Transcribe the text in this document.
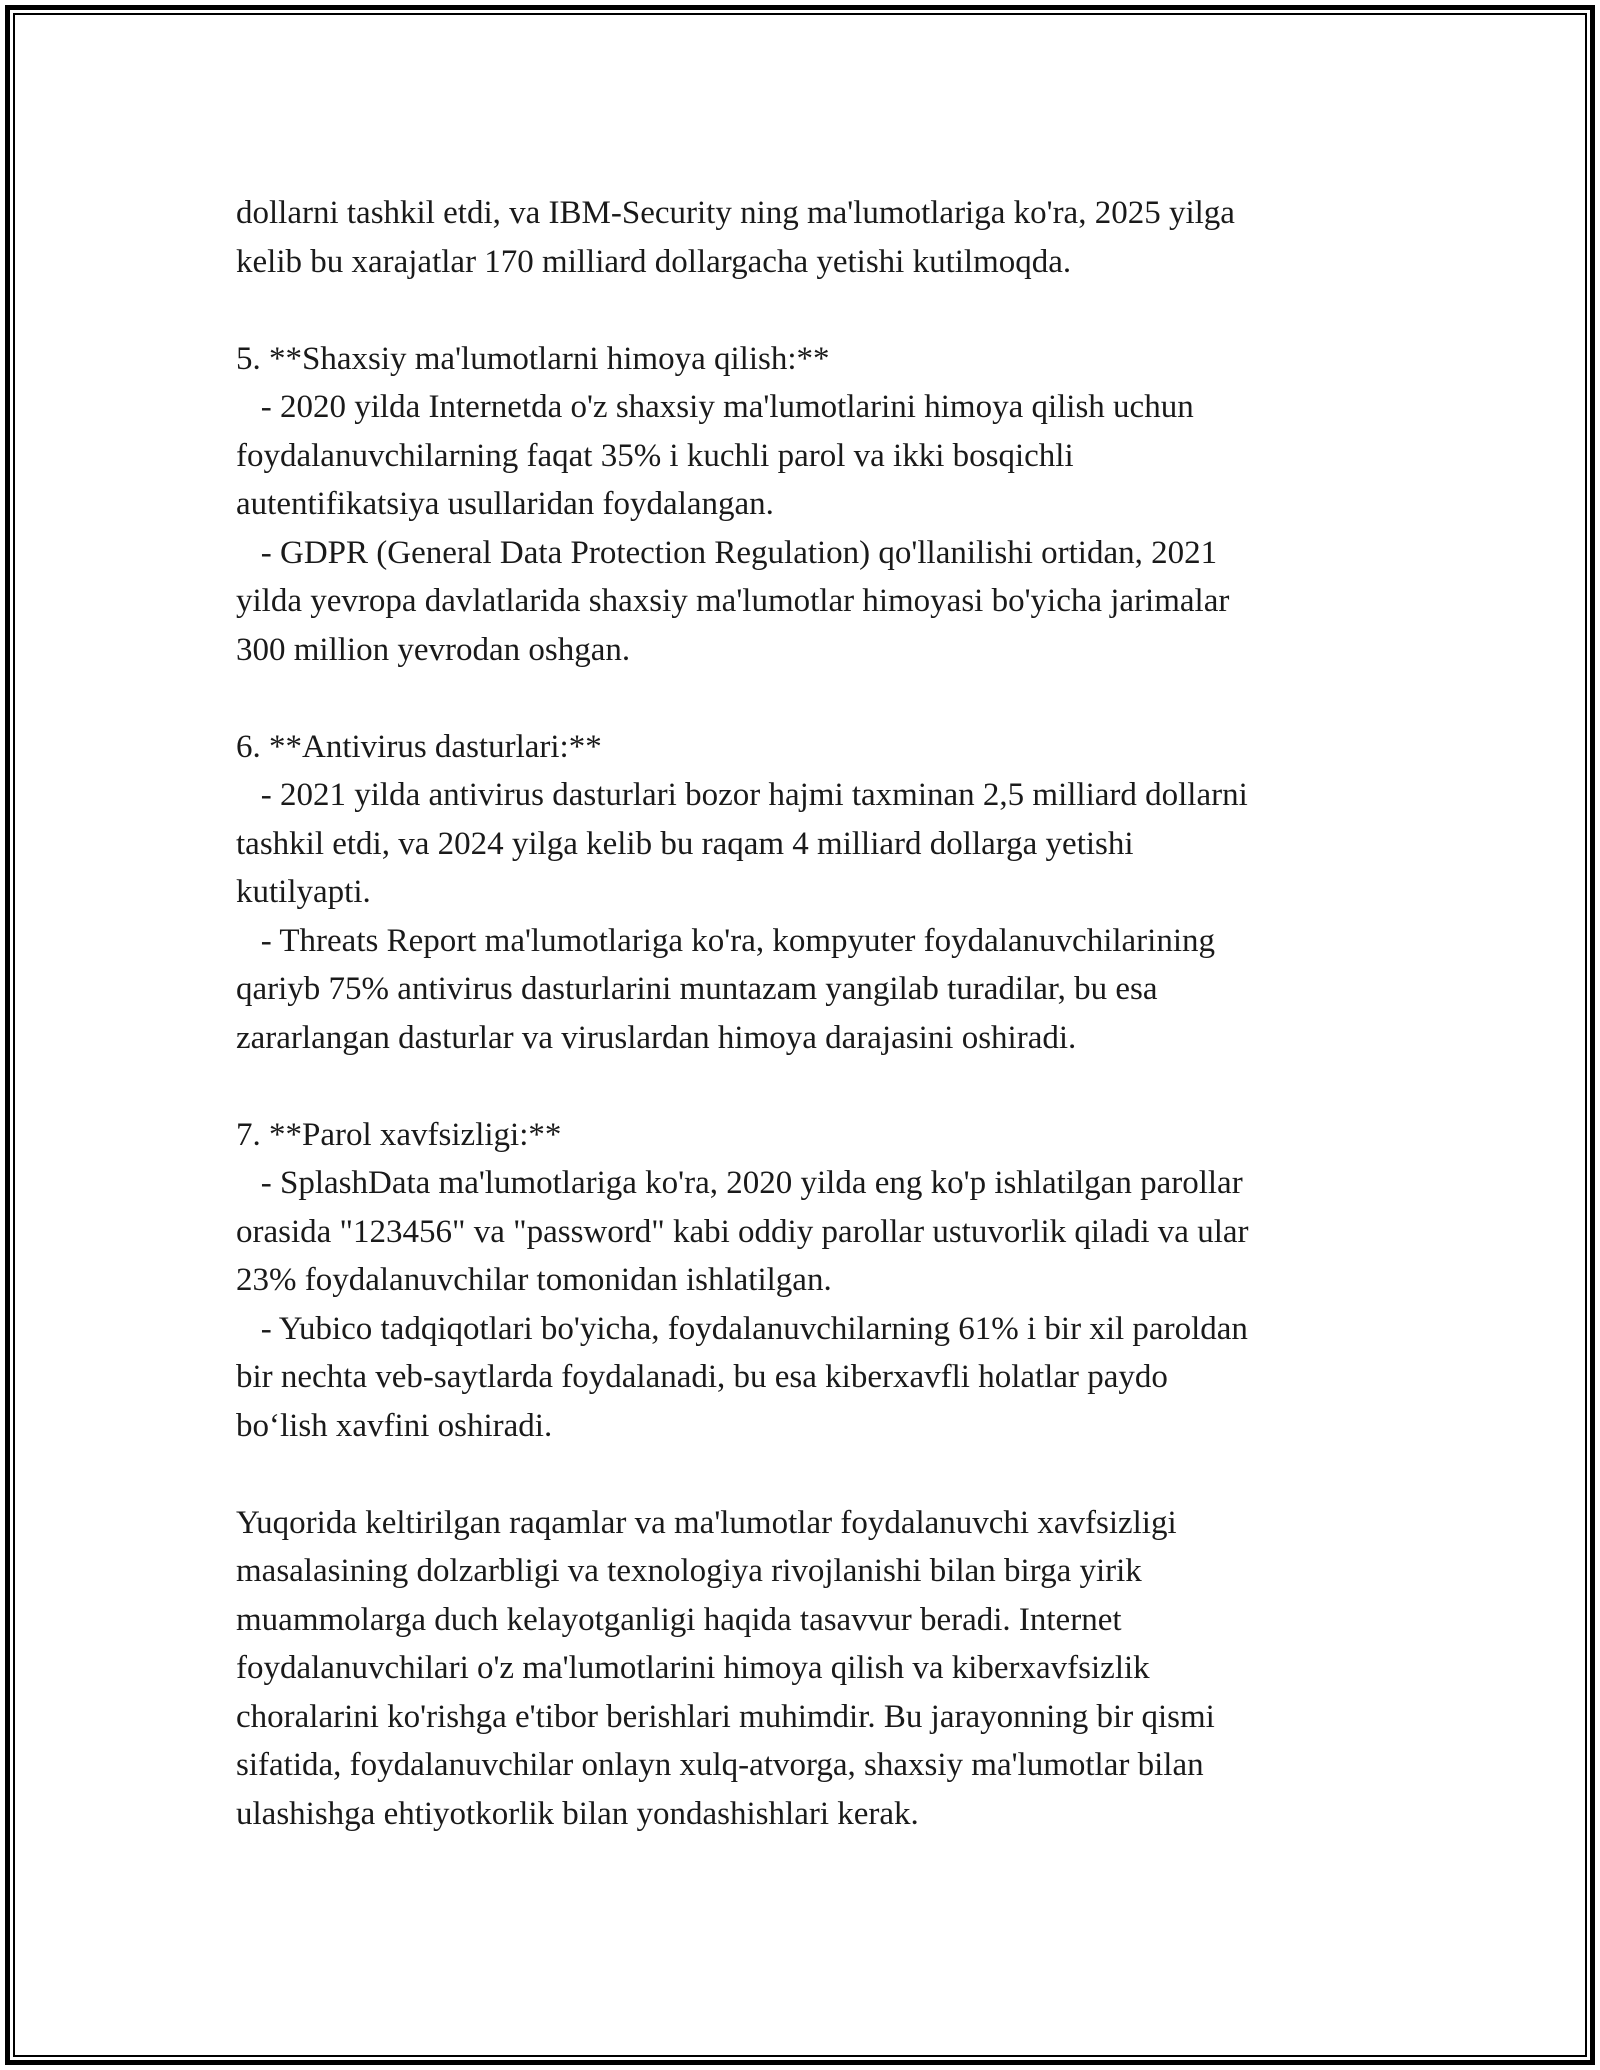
dollarni tashkil etdi, va IBM-Security ning ma'lumotlariga ko'ra, 2025 yilga
kelib bu xarajatlar 170 milliard dollargacha yetishi kutilmoqda.
5. **Shaxsiy ma'lumotlarni himoya qilish:**
- 2020 yilda Internetda o'z shaxsiy ma'lumotlarini himoya qilish uchun
foydalanuvchilarning faqat 35% i kuchli parol va ikki bosqichli
autentifikatsiya usullaridan foydalangan.
- GDPR (General Data Protection Regulation) qo'llanilishi ortidan, 2021
yilda yevropa davlatlarida shaxsiy ma'lumotlar himoyasi bo'yicha jarimalar
300 million yevrodan oshgan.
6. **Antivirus dasturlari:**
- 2021 yilda antivirus dasturlari bozor hajmi taxminan 2,5 milliard dollarni
tashkil etdi, va 2024 yilga kelib bu raqam 4 milliard dollarga yetishi
kutilyapti.
- Threats Report ma'lumotlariga ko'ra, kompyuter foydalanuvchilarining
qariyb 75% antivirus dasturlarini muntazam yangilab turadilar, bu esa
zararlangan dasturlar va viruslardan himoya darajasini oshiradi.
7. **Parol xavfsizligi:**
- SplashData ma'lumotlariga ko'ra, 2020 yilda eng ko'p ishlatilgan parollar
orasida "123456" va "password" kabi oddiy parollar ustuvorlik qiladi va ular
23% foydalanuvchilar tomonidan ishlatilgan.
- Yubico tadqiqotlari bo'yicha, foydalanuvchilarning 61% i bir xil paroldan
bir nechta veb-saytlarda foydalanadi, bu esa kiberxavfli holatlar paydo
bo‘lish xavfini oshiradi.
Yuqorida keltirilgan raqamlar va ma'lumotlar foydalanuvchi xavfsizligi
masalasining dolzarbligi va texnologiya rivojlanishi bilan birga yirik
muammolarga duch kelayotganligi haqida tasavvur beradi. Internet
foydalanuvchilari o'z ma'lumotlarini himoya qilish va kiberxavfsizlik
choralarini ko'rishga e'tibor berishlari muhimdir. Bu jarayonning bir qismi
sifatida, foydalanuvchilar onlayn xulq-atvorga, shaxsiy ma'lumotlar bilan
ulashishga ehtiyotkorlik bilan yondashishlari kerak.
